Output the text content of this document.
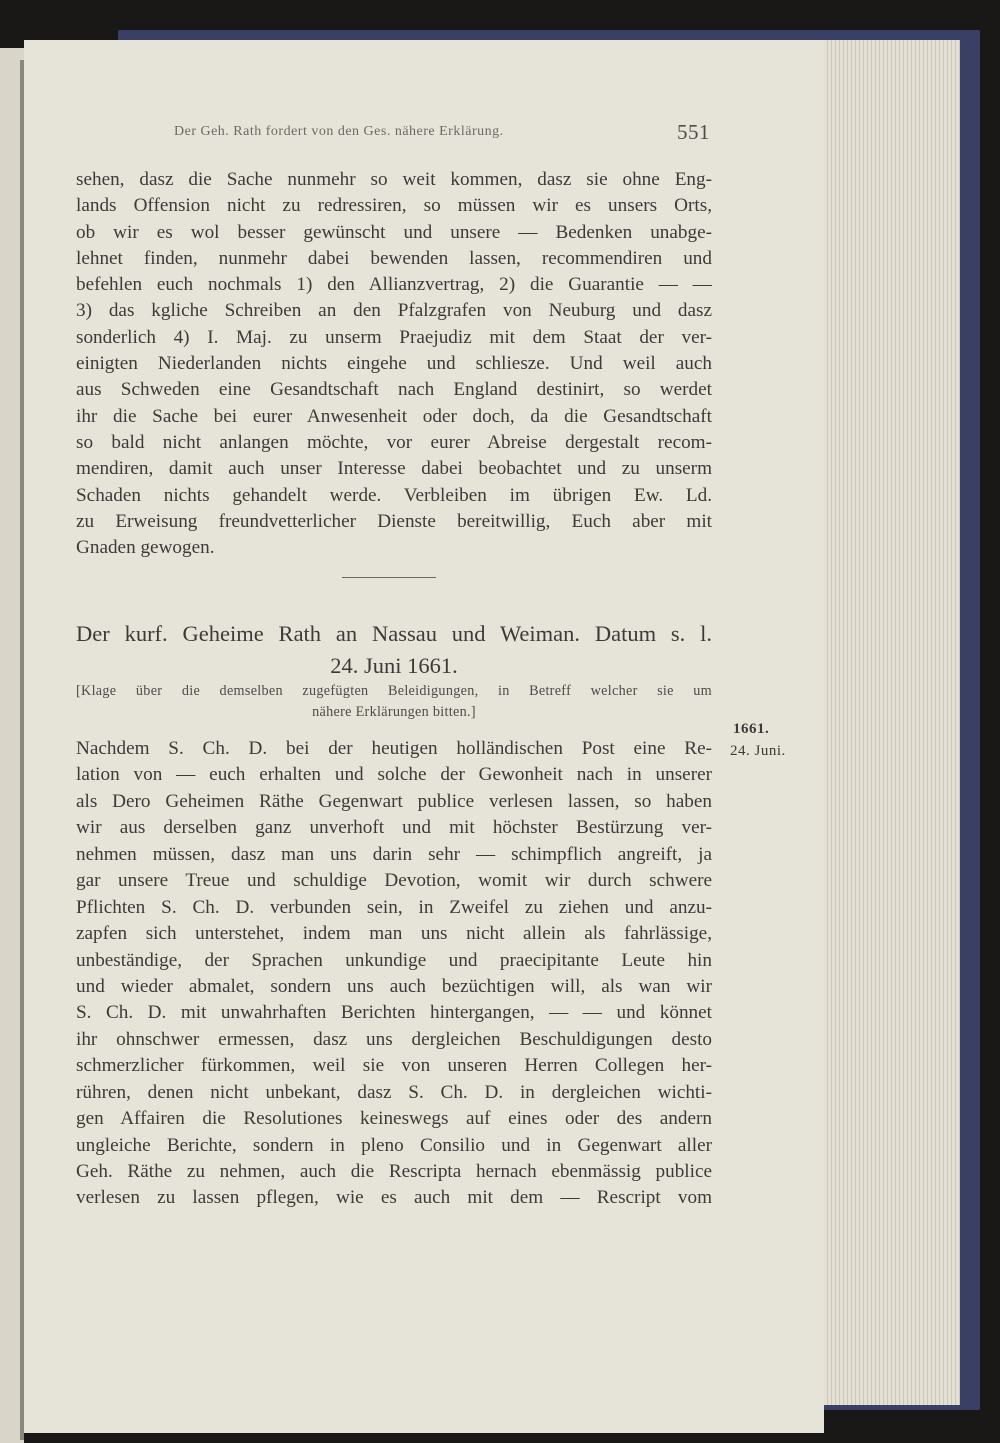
Der Geh. Rath fordert von den Ges. nähere Erklärung.	551
sehen, dasz die Sache nunmehr so weit kommen, dasz sie ohne Eng-
lands Offension nicht zu redressiren, so müssen wir es unsers Orts,
ob wir es wol besser gewünscht und unsere — Bedenken unabge-
lehnet finden, nunmehr dabei bewenden lassen, recommendiren und
befehlen euch nochmals 1) den Allianzvertrag, 2) die Guarantie — —
3) das kgliche Schreiben an den Pfalzgrafen von Neuburg und dasz
sonderlich 4) I. Maj. zu unserm Praejudiz mit dem Staat der ver-
einigten Niederlanden nichts eingehe und schliesze. Und weil auch
aus Schweden eine Gesandtschaft nach England destinirt, so werdet
ihr die Sache bei eurer Anwesenheit oder doch, da die Gesandtschaft
so bald nicht anlangen möchte, vor eurer Abreise dergestalt recom-
mendiren, damit auch unser Interesse dabei beobachtet und zu unserm
Schaden nichts gehandelt werde. Verbleiben im übrigen Ew. Ld.
zu Erweisung freundvetterlicher Dienste bereitwillig, Euch aber mit
Gnaden gewogen.
Der kurf. Geheime Rath an Nassau und Weiman. Datum s. l.
24. Juni 1661.
[Klage über die demselben zugefügten Beleidigungen, in Betreff welcher sie um
nähere Erklärungen bitten.]
1661.
24. Juni.
Nachdem S. Ch. D. bei der heutigen holländischen Post eine Re-
lation von — euch erhalten und solche der Gewonheit nach in unserer
als Dero Geheimen Räthe Gegenwart publice verlesen lassen, so haben
wir aus derselben ganz unverhoft und mit höchster Bestürzung ver-
nehmen müssen, dasz man uns darin sehr — schimpflich angreift, ja
gar unsere Treue und schuldige Devotion, womit wir durch schwere
Pflichten S. Ch. D. verbunden sein, in Zweifel zu ziehen und anzu-
zapfen sich unterstehet, indem man uns nicht allein als fahrlässige,
unbeständige, der Sprachen unkundige und praecipitante Leute hin
und wieder abmalet, sondern uns auch bezüchtigen will, als wan wir
S. Ch. D. mit unwahrhaften Berichten hintergangen, — — und könnet
ihr ohnschwer ermessen, dasz uns dergleichen Beschuldigungen desto
schmerzlicher fürkommen, weil sie von unseren Herren Collegen her-
rühren, denen nicht unbekant, dasz S. Ch. D. in dergleichen wichti-
gen Affairen die Resolutiones keineswegs auf eines oder des andern
ungleiche Berichte, sondern in pleno Consilio und in Gegenwart aller
Geh. Räthe zu nehmen, auch die Rescripta hernach ebenmässig publice
verlesen zu lassen pflegen, wie es auch mit dem — Rescript vom
